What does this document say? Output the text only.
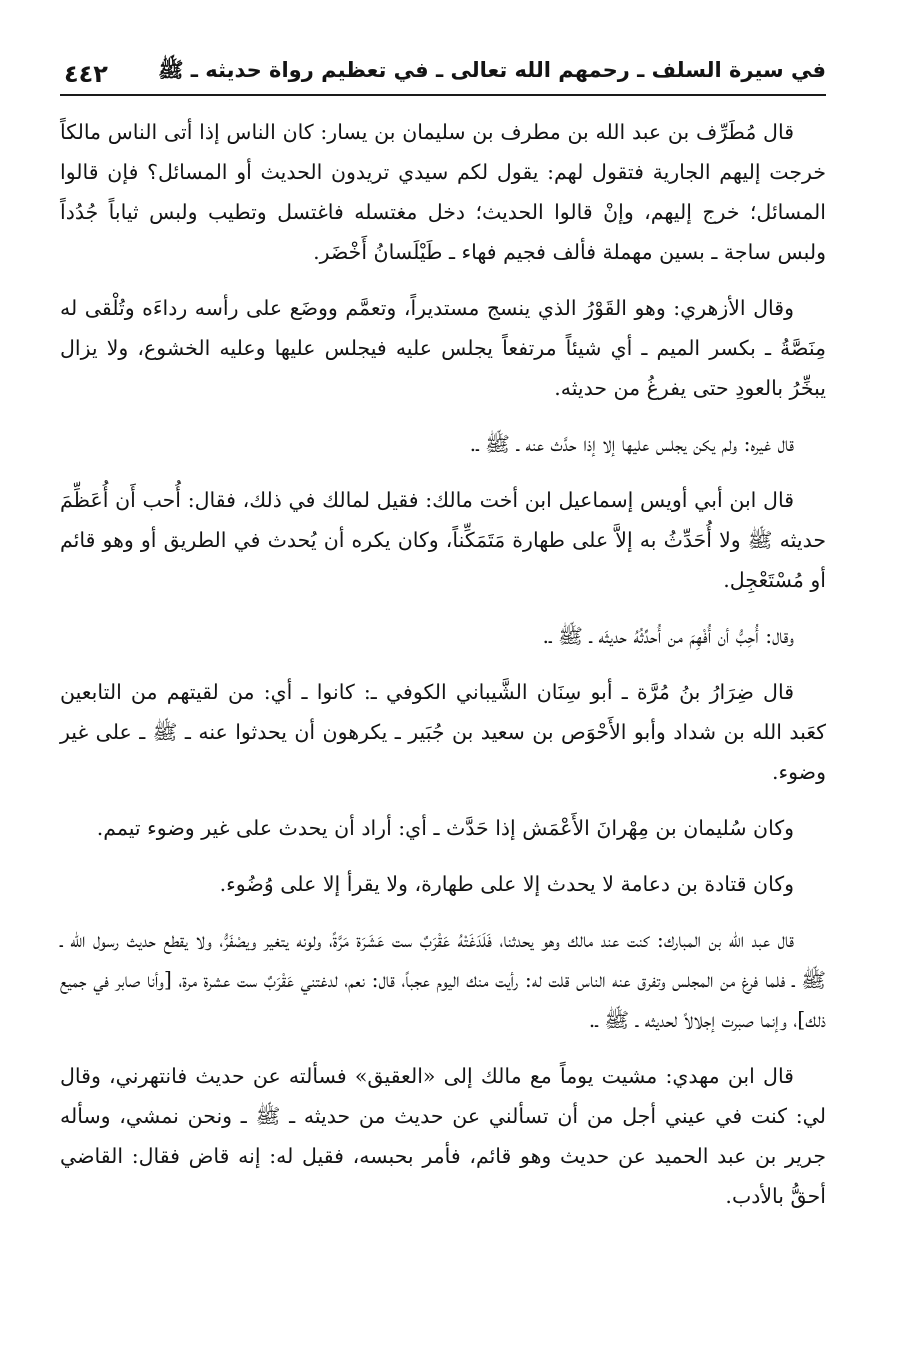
في سيرة السلف ـ رحمهم الله تعالى ـ في تعظيم رواة حديثه ـ ﷺ
٤٤٢

قال مُطَرِّف بن عبد الله بن مطرف بن سليمان بن يسار: كان الناس إذا أتى الناس مالكاً خرجت إليهم الجارية فتقول لهم: يقول لكم سيدي تريدون الحديث أو المسائل؟ فإن قالوا المسائل؛ خرج إليهم، وإنْ قالوا الحديث؛ دخل مغتسله فاغتسل وتطيب ولبس ثياباً جُدُداً ولبس ساجة ـ بسين مهملة فألف فجيم فهاء ـ طَيْلَسانُ أَخْضَر.

وقال الأزهري: وهو القَوْرُ الذي ينسج مستديراً، وتعمَّم ووضَع على رأسه رداءَه وتُلْقى له مِنَصَّةُ ـ بكسر الميم ـ أي شيئاً مرتفعاً يجلس عليه فيجلس عليها وعليه الخشوع، ولا يزال يبخِّرُ بالعودِ حتى يفرغُ من حديثه.

قال غيره: ولم يكن يجلس عليها إلا إذا حدَّث عنه ـ ﷺ ـ.

قال ابن أبي أويس إسماعيل ابن أخت مالك: فقيل لمالك في ذلك، فقال: أُحب أَن أُعَظِّمَ حديثه ﷺ ولا أُحَدِّثُ به إلاَّ على طهارة مَتَمَكِّناً، وكان يكره أن يُحدث في الطريق أو وهو قائم أو مُسْتَعْجِل.

وقال: أُحِبُّ أن أُفْهِمَ من أُحدِّثُهُ حديثَه ـ ﷺ ـ.

قال ضِرَارُ بنُ مُرَّة ـ أبو سِنَان الشَّيباني الكوفي ـ: كانوا ـ أي: من لقيتهم من التابعين كعَبد الله بن شداد وأبو الأَحْوَص بن سعيد بن جُبَير ـ يكرهون أن يحدثوا عنه ـ ﷺ ـ على غير وضوء.

وكان سُليمان بن مِهْرانَ الأَعْمَش إذا حَدَّث ـ أي: أراد أن يحدث على غير وضوء تيمم.

وكان قتادة بن دعامة لا يحدث إلا على طهارة، ولا يقرأ إلا على وُضُوء.

قال عبد الله بن المبارك: كنت عند مالك وهو يحدثنا، فَلَدَغَتْهُ عَقْرَبٌ ست عَشَرَة مَرَّةً، ولونه يتغير ويصْفَرُّ، ولا يقطع حديث رسول الله ـ ﷺ ـ فلما فرغ من المجلس وتفرق عنه الناس قلت له: رأيت منك اليوم عجباً، قال: نعم، لدغتني عَقْرَبٌ ست عشرة مرة، [وأنا صابر في جميع ذلك]، وإنما صبرت إجلالاً لحديثه ـ ﷺ ـ.

قال ابن مهدي: مشيت يوماً مع مالك إلى «العقيق» فسألته عن حديث فانتهرني، وقال لي: كنت في عيني أجل من أن تسألني عن حديث من حديثه ـ ﷺ ـ ونحن نمشي، وسأله جرير بن عبد الحميد عن حديث وهو قائم، فأمر بحبسه، فقيل له: إنه قاض فقال: القاضي أحقُّ بالأدب.
